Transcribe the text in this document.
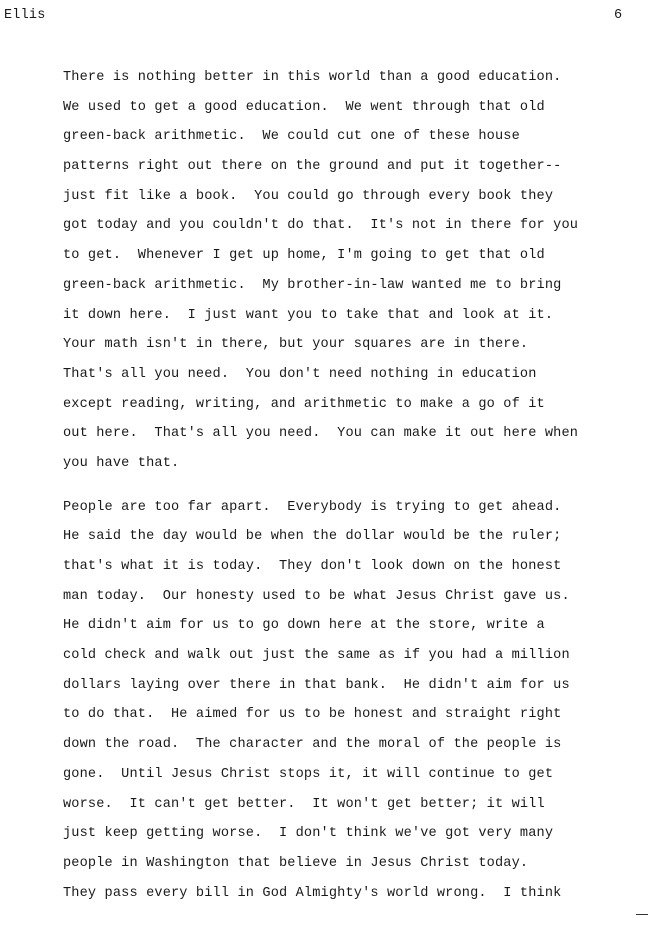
Ellis	6
There is nothing better in this world than a good education.
We used to get a good education.  We went through that old
green-back arithmetic.  We could cut one of these house
patterns right out there on the ground and put it together--
just fit like a book.  You could go through every book they
got today and you couldn't do that.  It's not in there for you
to get.  Whenever I get up home, I'm going to get that old
green-back arithmetic.  My brother-in-law wanted me to bring
it down here.  I just want you to take that and look at it.
Your math isn't in there, but your squares are in there.
That's all you need.  You don't need nothing in education
except reading, writing, and arithmetic to make a go of it
out here.  That's all you need.  You can make it out here when
you have that.
People are too far apart.  Everybody is trying to get ahead.
He said the day would be when the dollar would be the ruler;
that's what it is today.  They don't look down on the honest
man today.  Our honesty used to be what Jesus Christ gave us.
He didn't aim for us to go down here at the store, write a
cold check and walk out just the same as if you had a million
dollars laying over there in that bank.  He didn't aim for us
to do that.  He aimed for us to be honest and straight right
down the road.  The character and the moral of the people is
gone.  Until Jesus Christ stops it, it will continue to get
worse.  It can't get better.  It won't get better; it will
just keep getting worse.  I don't think we've got very many
people in Washington that believe in Jesus Christ today.
They pass every bill in God Almighty's world wrong.  I think
